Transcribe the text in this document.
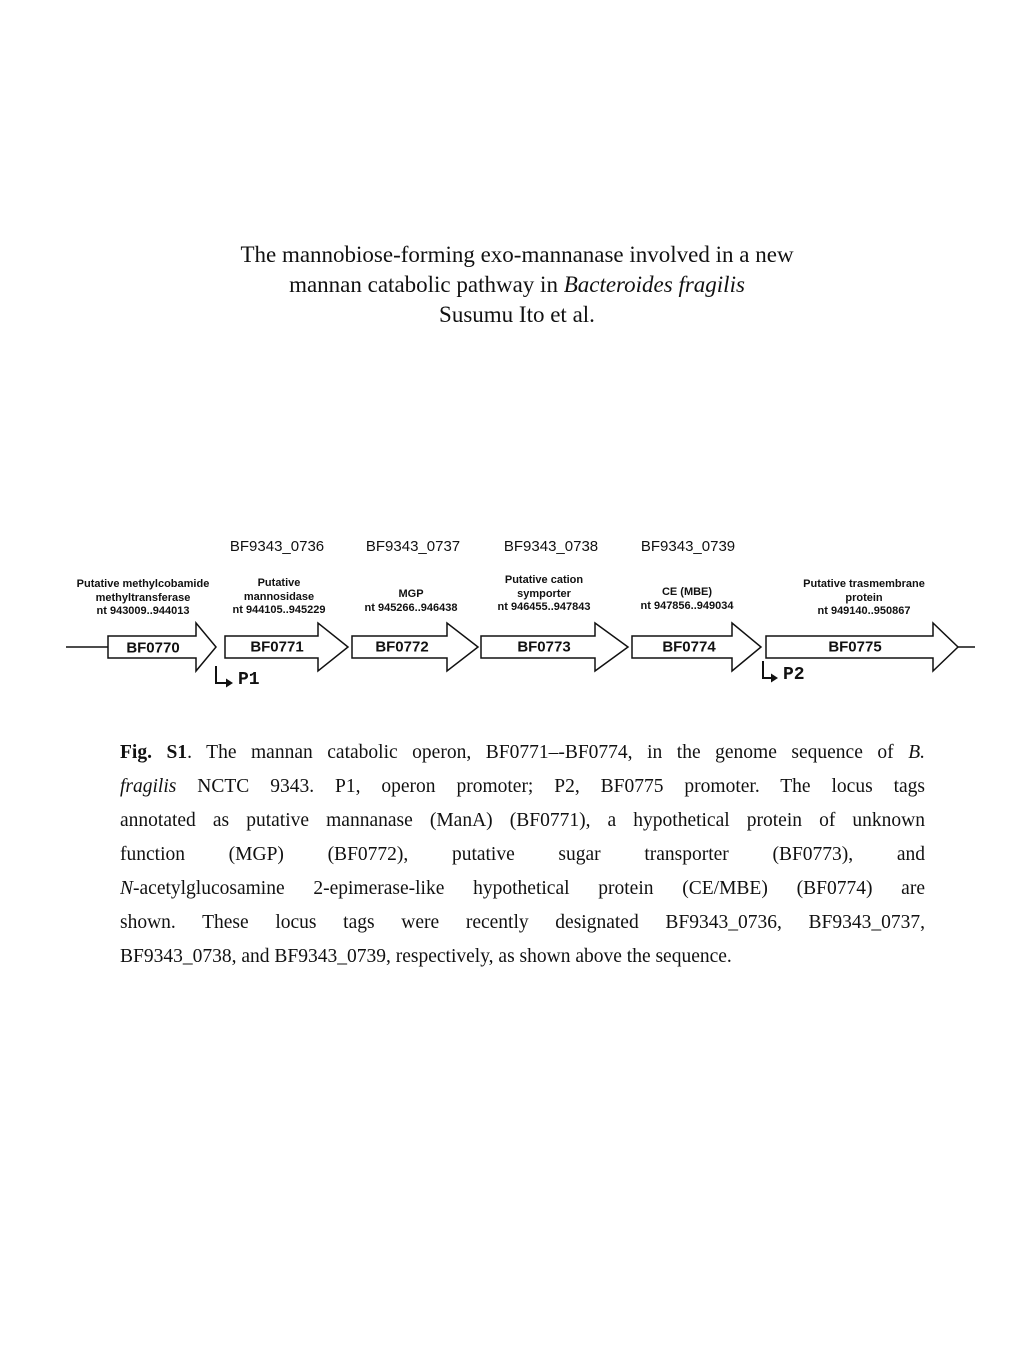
The mannobiose-forming exo-mannanase involved in a new
mannan catabolic pathway in Bacteroides fragilis
Susumu Ito et al.
BF9343_0736	BF9343_0737	BF9343_0738	BF9343_0739
Putative methylcobamide
methyltransferase
nt 943009..944013
Putative
mannosidase
nt 944105..945229
MGP
nt 945266..946438
Putative cation
symporter
nt 946455..947843
CE (MBE)
nt 947856..949034
Putative trasmembrane
protein
nt 949140..950867
BF0770	BF0771	BF0772	BF0773	BF0774	BF0775
P1	P2
Fig. S1. The mannan catabolic operon, BF0771–-BF0774, in the genome sequence of B.
fragilis NCTC 9343. P1, operon promoter; P2, BF0775 promoter. The locus tags
annotated as putative mannanase (ManA) (BF0771), a hypothetical protein of unknown
function (MGP) (BF0772), putative sugar transporter (BF0773), and
N-acetylglucosamine 2-epimerase-like hypothetical protein (CE/MBE) (BF0774) are
shown. These locus tags were recently designated BF9343_0736, BF9343_0737,
BF9343_0738, and BF9343_0739, respectively, as shown above the sequence.
